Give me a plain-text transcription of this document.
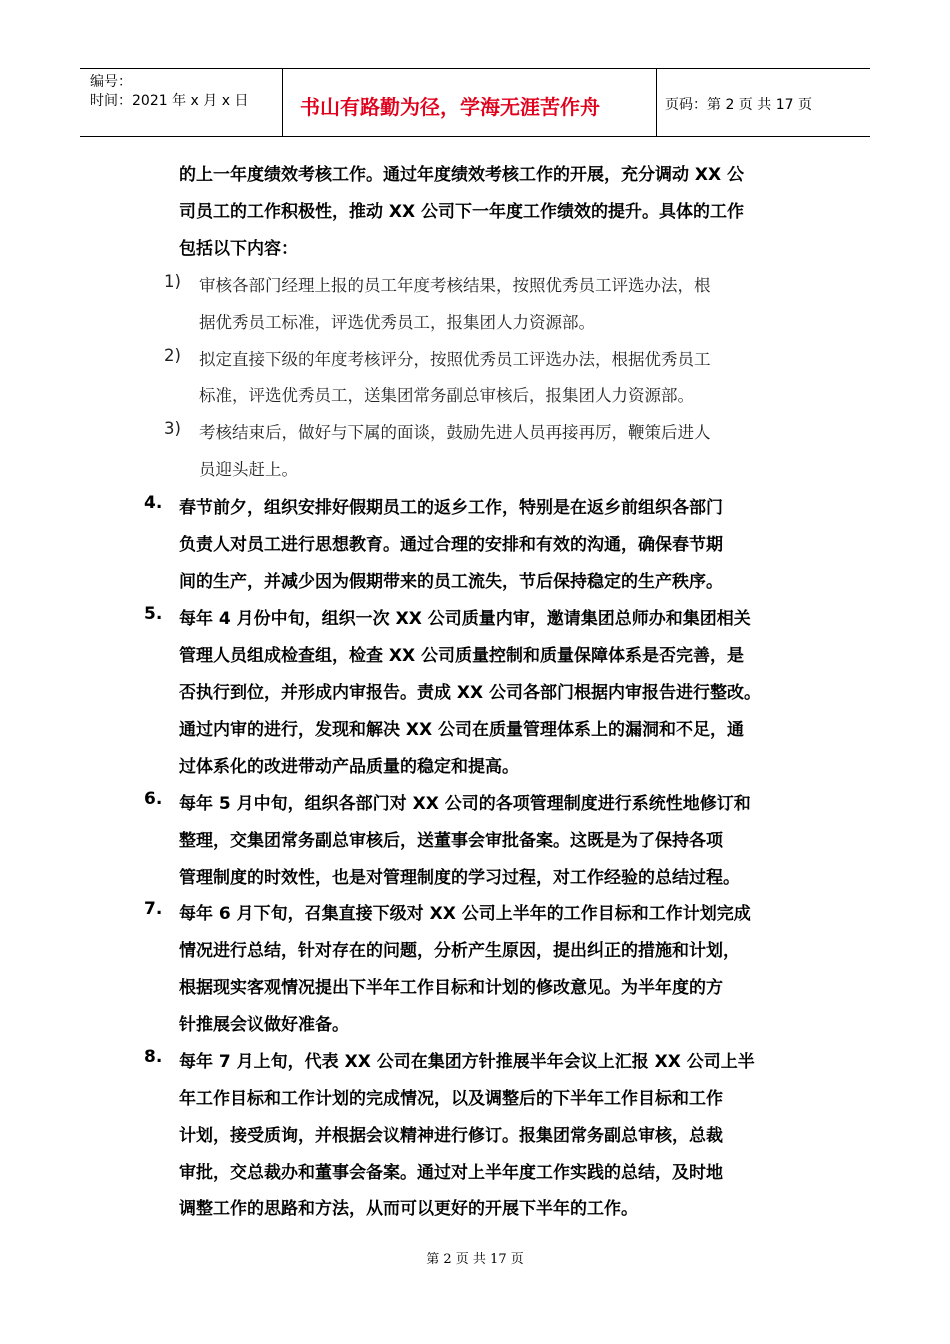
编号：
时间：2021 年 x 月 x 日	书山有路勤为径，学海无涯苦作舟	页码：第 2 页 共 17 页
的上一年度绩效考核工作。通过年度绩效考核工作的开展，充分调动 XX 公
司员工的工作积极性，推动 XX 公司下一年度工作绩效的提升。具体的工作
包括以下内容：
1) 审核各部门经理上报的员工年度考核结果，按照优秀员工评选办法，根
据优秀员工标准，评选优秀员工，报集团人力资源部。
2) 拟定直接下级的年度考核评分，按照优秀员工评选办法，根据优秀员工
标准，评选优秀员工，送集团常务副总审核后，报集团人力资源部。
3) 考核结束后，做好与下属的面谈，鼓励先进人员再接再厉，鞭策后进人
员迎头赶上。
4. 春节前夕，组织安排好假期员工的返乡工作，特别是在返乡前组织各部门
负责人对员工进行思想教育。通过合理的安排和有效的沟通，确保春节期
间的生产，并减少因为假期带来的员工流失，节后保持稳定的生产秩序。
5. 每年 4 月份中旬，组织一次 XX 公司质量内审，邀请集团总师办和集团相关
管理人员组成检查组，检查 XX 公司质量控制和质量保障体系是否完善，是
否执行到位，并形成内审报告。责成 XX 公司各部门根据内审报告进行整改。
通过内审的进行，发现和解决 XX 公司在质量管理体系上的漏洞和不足，通
过体系化的改进带动产品质量的稳定和提高。
6. 每年 5 月中旬，组织各部门对 XX 公司的各项管理制度进行系统性地修订和
整理，交集团常务副总审核后，送董事会审批备案。这既是为了保持各项
管理制度的时效性，也是对管理制度的学习过程，对工作经验的总结过程。
7. 每年 6 月下旬，召集直接下级对 XX 公司上半年的工作目标和工作计划完成
情况进行总结，针对存在的问题，分析产生原因，提出纠正的措施和计划，
根据现实客观情况提出下半年工作目标和计划的修改意见。为半年度的方
针推展会议做好准备。
8. 每年 7 月上旬，代表 XX 公司在集团方针推展半年会议上汇报 XX 公司上半
年工作目标和工作计划的完成情况，以及调整后的下半年工作目标和工作
计划，接受质询，并根据会议精神进行修订。报集团常务副总审核，总裁
审批，交总裁办和董事会备案。通过对上半年度工作实践的总结，及时地
调整工作的思路和方法，从而可以更好的开展下半年的工作。
第 2 页 共 17 页
